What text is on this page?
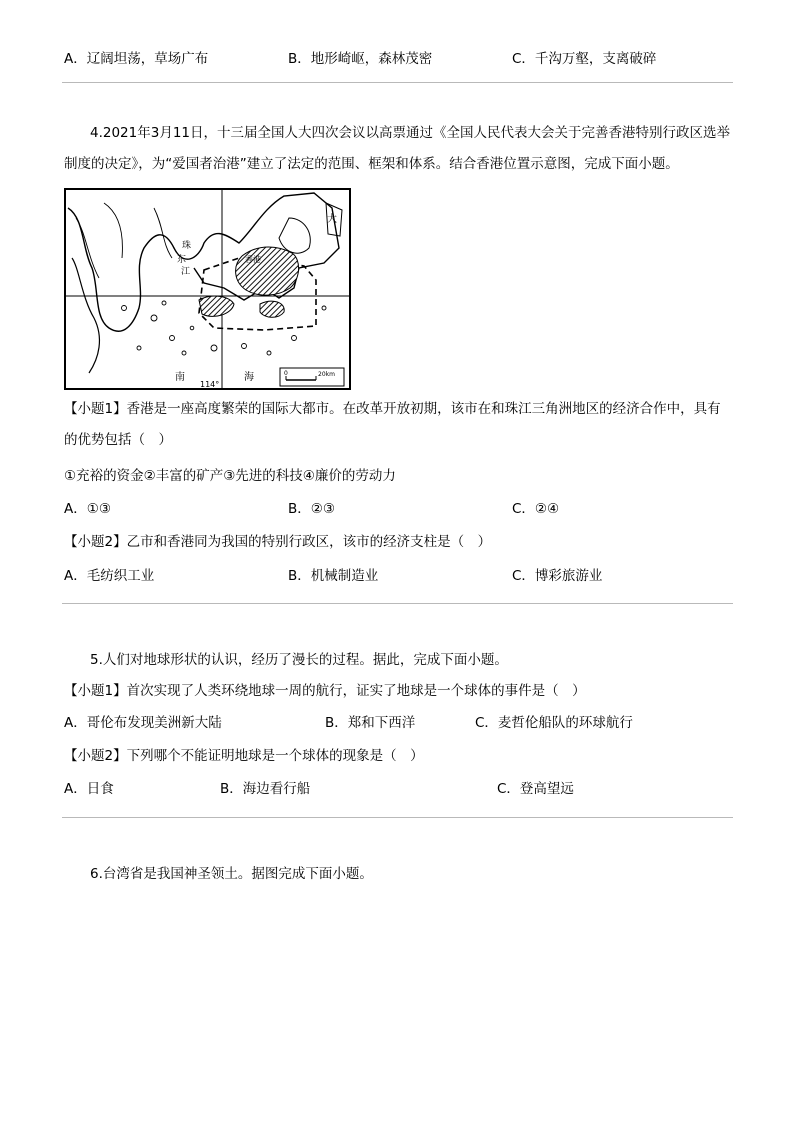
A．辽阔坦荡，草场广布	B．地形崎岖，森林茂密	C．千沟万壑，支离破碎
4.2021年3月11日，十三届全国人大四次会议以高票通过《全国人民代表大会关于完善香港特别行政区选举制度的决定》，为“爱国者治港”建立了法定的范围、框架和体系。结合香港位置示意图，完成下面小题。
大
东
珠
江
香港
南	海
114°
0	20km
【小题1】香港是一座高度繁荣的国际大都市。在改革开放初期，该市在和珠江三角洲地区的经济合作中，具有的优势包括（　）
①充裕的资金②丰富的矿产③先进的科技④廉价的劳动力
A．①③	B．②③	C．②④
【小题2】乙市和香港同为我国的特别行政区，该市的经济支柱是（　）
A．毛纺织工业	B．机械制造业	C．博彩旅游业
5.人们对地球形状的认识，经历了漫长的过程。据此，完成下面小题。
【小题1】首次实现了人类环绕地球一周的航行，证实了地球是一个球体的事件是（　）
A．哥伦布发现美洲新大陆	B．郑和下西洋	C．麦哲伦船队的环球航行
【小题2】下列哪个不能证明地球是一个球体的现象是（　）
A．日食	B．海边看行船	C．登高望远
6.台湾省是我国神圣领土。据图完成下面小题。
